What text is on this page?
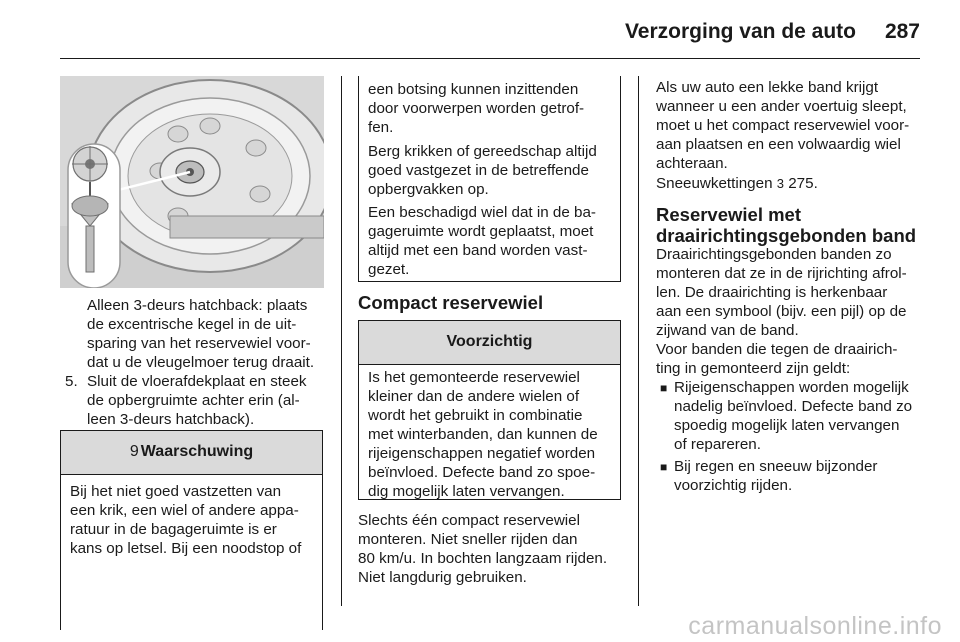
Verzorging van de auto 287
Alleen 3-deurs hatchback: plaats
de excentrische kegel in de uit-
sparing van het reservewiel voor-
dat u de vleugelmoer terug draait.
5. Sluit de vloerafdekplaat en steek
de opbergruimte achter erin (al-
leen 3-deurs hatchback).
9 Waarschuwing
Bij het niet goed vastzetten van
een krik, een wiel of andere appa-
ratuur in de bagageruimte is er
kans op letsel. Bij een noodstop of
een botsing kunnen inzittenden
door voorwerpen worden getrof-
fen.
Berg krikken of gereedschap altijd
goed vastgezet in de betreffende
opbergvakken op.
Een beschadigd wiel dat in de ba-
gageruimte wordt geplaatst, moet
altijd met een band worden vast-
gezet.
Compact reservewiel
Voorzichtig
Is het gemonteerde reservewiel
kleiner dan de andere wielen of
wordt het gebruikt in combinatie
met winterbanden, dan kunnen de
rijeigenschappen negatief worden
beïnvloed. Defecte band zo spoe-
dig mogelijk laten vervangen.
Slechts één compact reservewiel
monteren. Niet sneller rijden dan
80 km/u. In bochten langzaam rijden.
Niet langdurig gebruiken.
Als uw auto een lekke band krijgt
wanneer u een ander voertuig sleept,
moet u het compact reservewiel voor-
aan plaatsen en een volwaardig wiel
achteraan.
Sneeuwkettingen 3 275.
Reservewiel met
draairichtingsgebonden band
Draairichtingsgebonden banden zo
monteren dat ze in de rijrichting afrol-
len. De draairichting is herkenbaar
aan een symbool (bijv. een pijl) op de
zijwand van de band.
Voor banden die tegen de draairich-
ting in gemonteerd zijn geldt:
■ Rijeigenschappen worden mogelijk
nadelig beïnvloed. Defecte band zo
spoedig mogelijk laten vervangen
of repareren.
■ Bij regen en sneeuw bijzonder
voorzichtig rijden.
carmanualsonline.info
